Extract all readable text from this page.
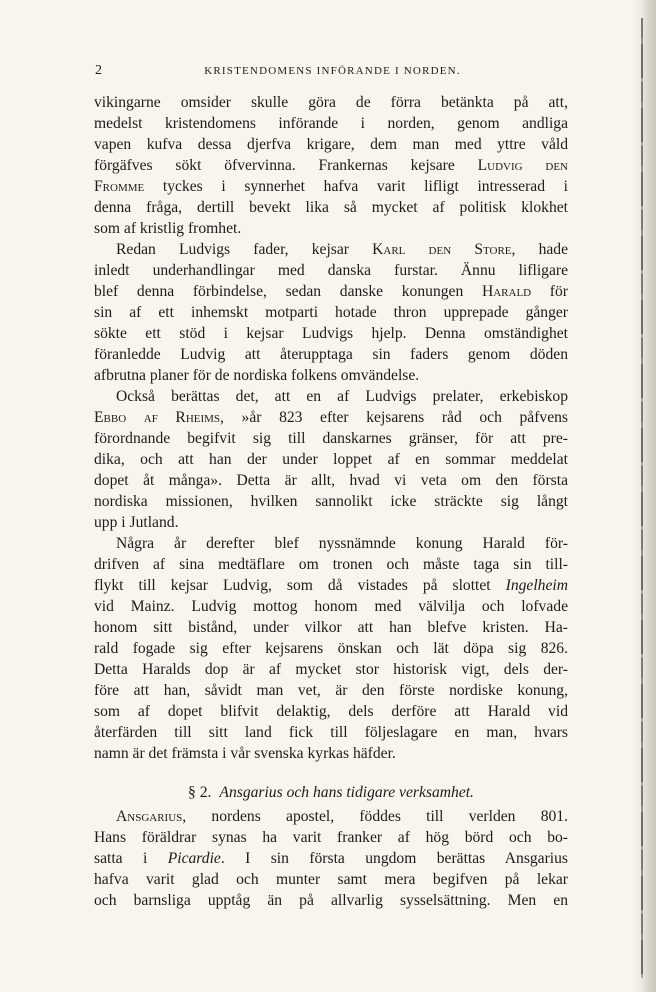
2	KRISTENDOMENS INFÖRANDE I NORDEN.
vikingarne omsider skulle göra de förra betänkta på att,
medelst kristendomens införande i norden, genom andliga
vapen kufva dessa djerfva krigare, dem man med yttre våld
förgäfves sökt öfvervinna. Frankernas kejsare Ludvig den
Fromme tyckes i synnerhet hafva varit lifligt intresserad i
denna fråga, dertill bevekt lika så mycket af politisk klokhet
som af kristlig fromhet.
Redan Ludvigs fader, kejsar Karl den Store, hade
inledt underhandlingar med danska furstar. Ännu lifligare
blef denna förbindelse, sedan danske konungen Harald för
sin af ett inhemskt motparti hotade thron upprepade gånger
sökte ett stöd i kejsar Ludvigs hjelp. Denna omständighet
föranledde Ludvig att återupptaga sin faders genom döden
afbrutna planer för de nordiska folkens omvändelse.
Också berättas det, att en af Ludvigs prelater, erkebiskop
Ebbo af Rheims, »år 823 efter kejsarens råd och påfvens
förordnande begifvit sig till danskarnes gränser, för att pre-
dika, och att han der under loppet af en sommar meddelat
dopet åt många». Detta är allt, hvad vi veta om den första
nordiska missionen, hvilken sannolikt icke sträckte sig långt
upp i Jutland.
Några år derefter blef nyssnämnde konung Harald för-
drifven af sina medtäflare om tronen och måste taga sin till-
flykt till kejsar Ludvig, som då vistades på slottet Ingelheim
vid Mainz. Ludvig mottog honom med välvilja och lofvade
honom sitt bistånd, under vilkor att han blefve kristen. Ha-
rald fogade sig efter kejsarens önskan och lät döpa sig 826.
Detta Haralds dop är af mycket stor historisk vigt, dels der-
före att han, såvidt man vet, är den förste nordiske konung,
som af dopet blifvit delaktig, dels derföre att Harald vid
återfärden till sitt land fick till följeslagare en man, hvars
namn är det främsta i vår svenska kyrkas häfder.
§ 2. Ansgarius och hans tidigare verksamhet.
Ansgarius, nordens apostel, föddes till verlden 801.
Hans föräldrar synas ha varit franker af hög börd och bo-
satta i Picardie. I sin första ungdom berättas Ansgarius
hafva varit glad och munter samt mera begifven på lekar
och barnsliga upptåg än på allvarlig sysselsättning. Men en
